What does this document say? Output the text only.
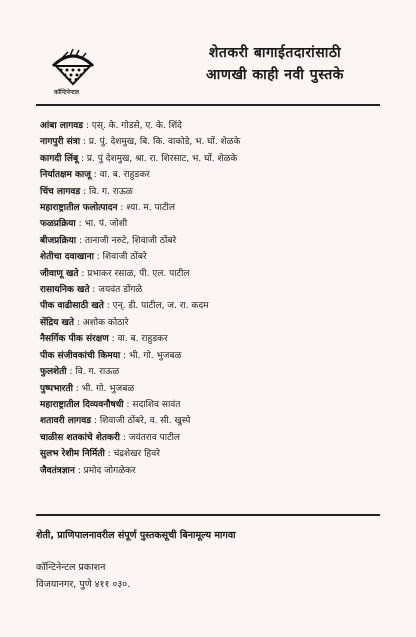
कॉन्टिनेन्टल
शेतकरी बागाईतदारांसाठी
आणखी काही नवी पुस्तके
आंबा लागवड : एस्. के. गोडसे, ए. के. शिंदे
नागपुरी संत्रा : प्र. पुं. देशमुख, बि. कि. वाकोडे, भ. घों. शेळके
कागदी लिंबू : प्र. पुं देशमुख, श्रा. रा. शिरसाट, भ. घों. शेळके
निर्यातक्षम काजू : वा. ब. राहुडकर
चिंच लागवड : वि. ग. राऊळ
महाराष्ट्रातील फलोत्पादन : श्या. म. पाटील
फळप्रक्रिया : भा. पं. जोशी
बीजप्रक्रिया : तानाजी नरुटे, शिवाजी ठोंबरे
शेतीचा दवाखाना : शिवाजी ठोंबरे
जीवाणू खते : प्रभाकर रसाळ, पी. एल. पाटील
रासायनिक खते : जयवंत डोंगळे
पीक वाढीसाठी खते : एन्. डी. पाटील, ज. रा. कदम
सेंद्रिय खते : अशोक कोठारे
नैसर्गिक पीक संरक्षण : वा. ब. राहुडकर
पीक संजीवकांची किमया : भी. गो. भुजबळ
फुलशेती : वि. ग. राऊळ
पुष्पभारती : भी. गो. भुजबळ
महाराष्ट्रातील दिव्यवनौषधी : सदाशिव सावंत
शतावरी लागवड : शिवाजी ठोंबरे, व. सी. खुस्पे
चाळीस शतकांचे शेतकरी : जयंतराव पाटील
सुलभ रेशीम निर्मिती : चंद्रशेखर हिवरे
जैवतंत्रज्ञान : प्रमोद जोगळेकर
शेती, प्राणिपालनावरील संपूर्ण पुस्तकसूची बिनामूल्य मागवा
कॉन्टिनेन्टल प्रकाशन
विजयानगर, पुणे ४११ ०३०.
